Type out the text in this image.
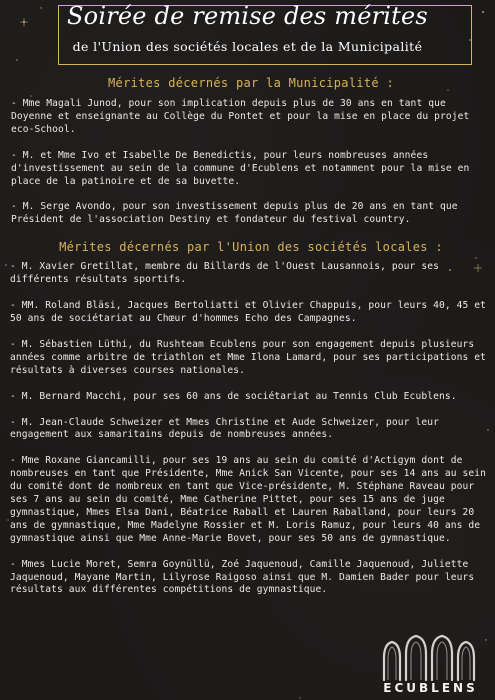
Soirée de remise des mérites

de l'Union des sociétés locales et de la Municipalité

Mérites décernés par la Municipalité :

- Mme Magali Junod, pour son implication depuis plus de 30 ans en tant que Doyenne et enseignante au Collège du Pontet et pour la mise en place du projet eco-School.

- M. et Mme Ivo et Isabelle De Benedictis, pour leurs nombreuses années d'investissement au sein de la commune d'Ecublens et notamment pour la mise en place de la patinoire et de sa buvette.

- M. Serge Avondo, pour son investissement depuis plus de 20 ans en tant que Président de l'association Destiny et fondateur du festival country.

Mérites décernés par l'Union des sociétés locales :

- M. Xavier Gretillat, membre du Billards de l'Ouest Lausannois, pour ses différents résultats sportifs.

- MM. Roland Bläsi, Jacques Bertoliatti et Olivier Chappuis, pour leurs 40, 45 et 50 ans de sociétariat au Chœur d'hommes Echo des Campagnes.

- M. Sébastien Lüthi, du Rushteam Ecublens pour son engagement depuis plusieurs années comme arbitre de triathlon et Mme Ilona Lamard, pour ses participations et résultats à diverses courses nationales.

- M. Bernard Macchi, pour ses 60 ans de sociétariat au Tennis Club Ecublens.

- M. Jean-Claude Schweizer et Mmes Christine et Aude Schweizer, pour leur engagement aux samaritains depuis de nombreuses années.

- Mme Roxane Giancamilli, pour ses 19 ans au sein du comité d'Actigym dont de nombreuses en tant que Présidente, Mme Anick San Vicente, pour ses 14 ans au sein du comité dont de nombreux en tant que Vice-présidente, M. Stéphane Raveau pour ses 7 ans au sein du comité, Mme Catherine Pittet, pour ses 15 ans de juge gymnastique, Mmes Elsa Dani, Béatrice Raball et Lauren Raballand, pour leurs 20 ans de gymnastique, Mme Madelyne Rossier et M. Loris Ramuz, pour leurs 40 ans de gymnastique ainsi que Mme Anne-Marie Bovet, pour ses 50 ans de gymnastique.

- Mmes Lucie Moret, Semra Goynüllü, Zoé Jaquenoud, Camille Jaquenoud, Juliette Jaquenoud, Mayane Martin, Lilyrose Raigoso ainsi que M. Damien Bader pour leurs résultats aux différentes compétitions de gymnastique.

ECUBLENS
